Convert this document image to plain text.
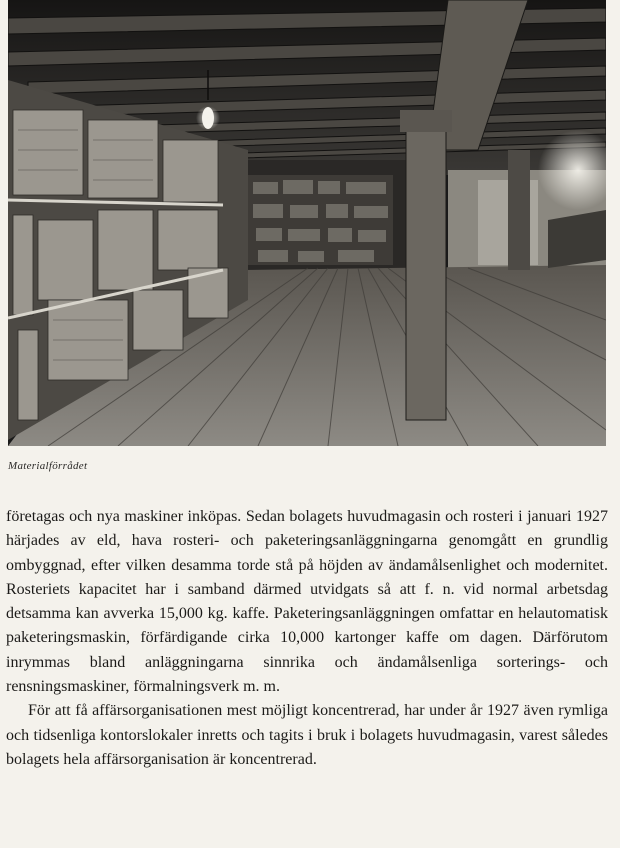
Materialförrådet

företagas och nya maskiner inköpas. Sedan bolagets huvudmagasin och rosteri i januari 1927 härjades av eld, hava rosteri- och paketeringsanläggningarna genomgått en grundlig ombyggnad, efter vilken desamma torde stå på höjden av ändamålsenlighet och modernitet. Rosteriets kapacitet har i samband därmed utvidgats så att f. n. vid normal arbetsdag detsamma kan avverka 15,000 kg. kaffe. Paketeringsanläggningen omfattar en helautomatisk paketeringsmaskin, förfärdigande cirka 10,000 kartonger kaffe om dagen. Därförutom inrymmas bland anläggningarna sinnrika och ändamålsenliga sorterings- och rensningsmaskiner, förmalningsverk m. m.

För att få affärsorganisationen mest möjligt koncentrerad, har under år 1927 även rymliga och tidsenliga kontorslokaler inretts och tagits i bruk i bolagets huvudmagasin, varest således bolagets hela affärsorganisation är koncentrerad.
